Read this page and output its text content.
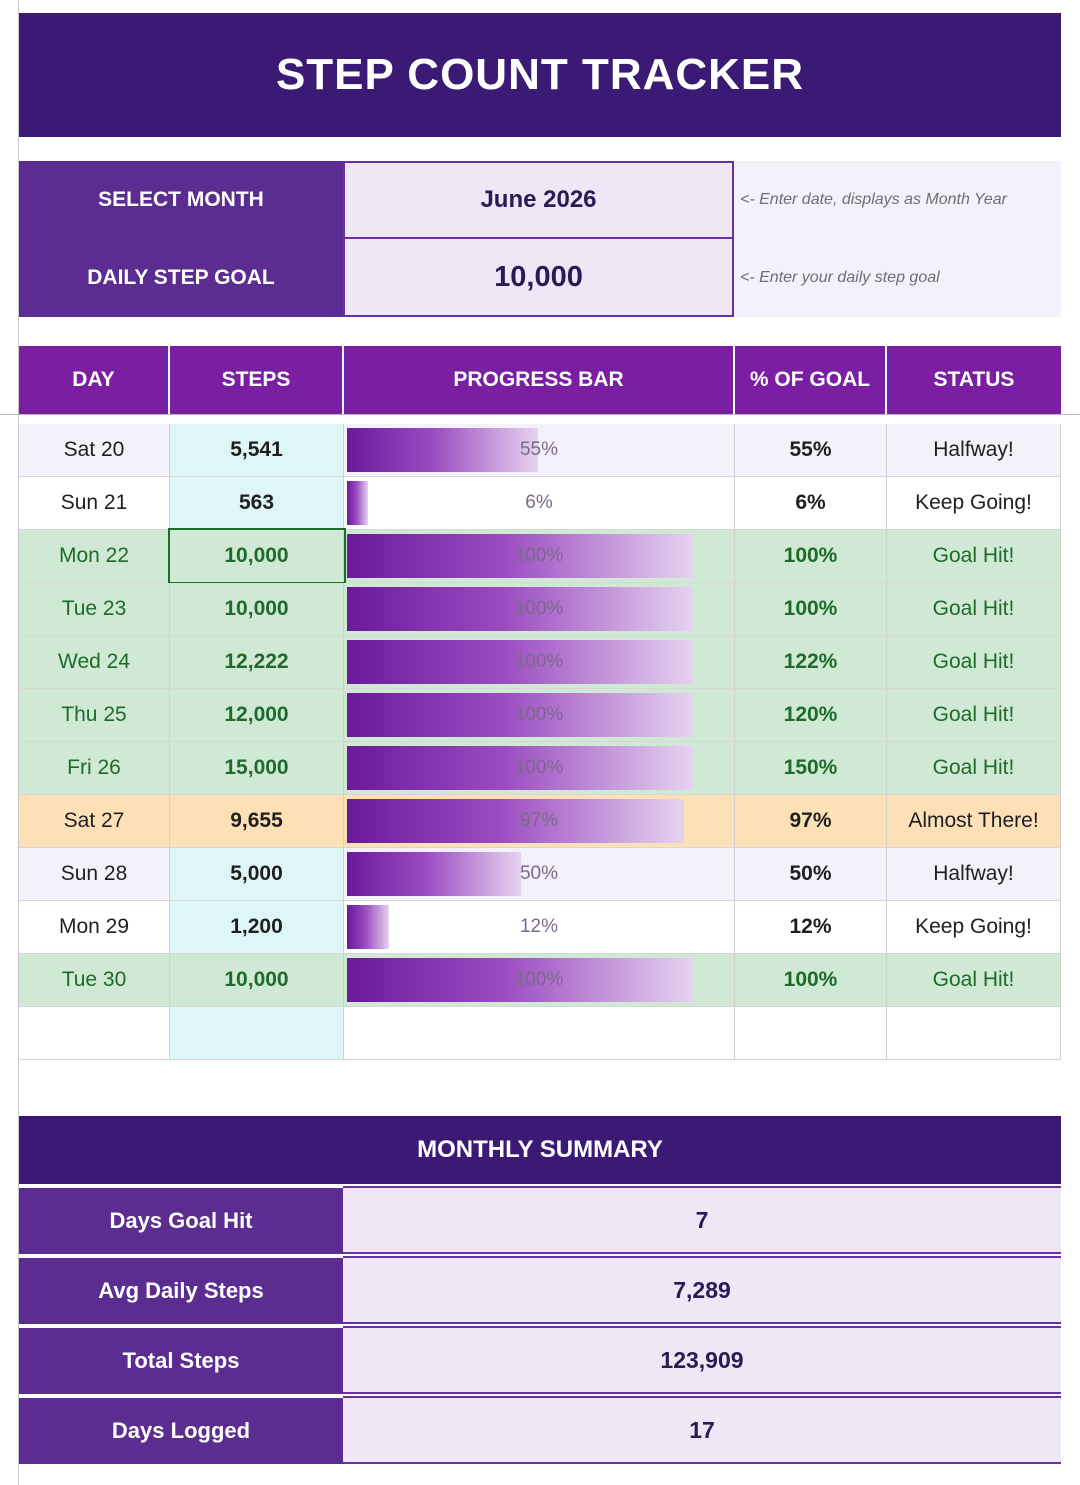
STEP COUNT TRACKER
SELECT MONTH	June 2026	<- Enter date, displays as Month Year
DAILY STEP GOAL	10,000	<- Enter your daily step goal
DAY	STEPS	PROGRESS BAR	% OF GOAL	STATUS
Sat 20	5,541	55%	55%	Halfway!
Sun 21	563	6%	6%	Keep Going!
Mon 22	10,000	100%	100%	Goal Hit!
Tue 23	10,000	100%	100%	Goal Hit!
Wed 24	12,222	100%	122%	Goal Hit!
Thu 25	12,000	100%	120%	Goal Hit!
Fri 26	15,000	100%	150%	Goal Hit!
Sat 27	9,655	97%	97%	Almost There!
Sun 28	5,000	50%	50%	Halfway!
Mon 29	1,200	12%	12%	Keep Going!
Tue 30	10,000	100%	100%	Goal Hit!
MONTHLY SUMMARY
Days Goal Hit	7
Avg Daily Steps	7,289
Total Steps	123,909
Days Logged	17
